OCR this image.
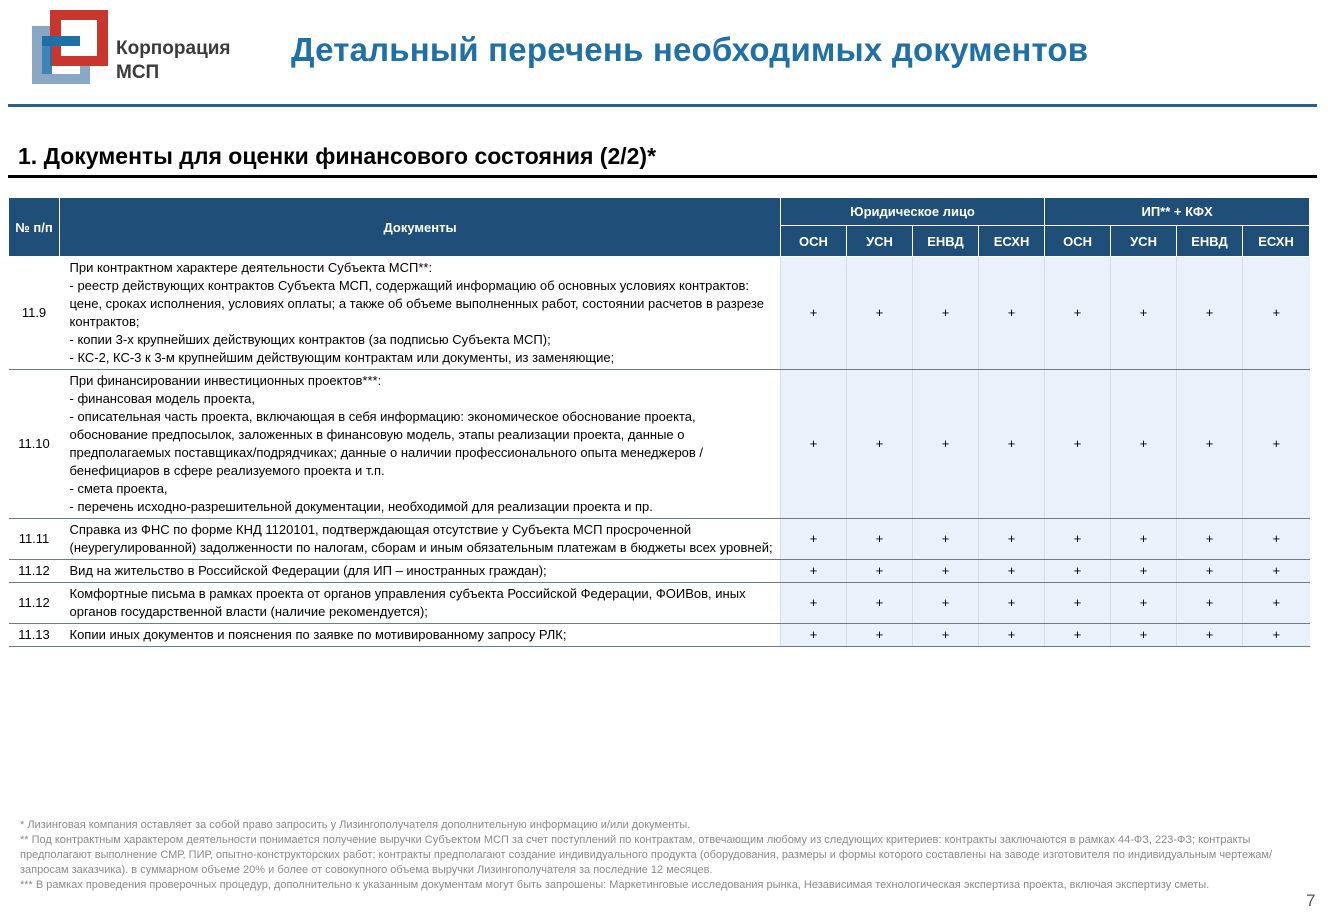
Корпорация
МСП
Детальный перечень необходимых документов
1. Документы для оценки финансового состояния (2/2)*
№ п/п	Документы	Юридическое лицо				ИП** + КФХ			
		ОСН	УСН	ЕНВД	ЕСХН	ОСН	УСН	ЕНВД	ЕСХН
11.9	При контрактном характере деятельности Субъекта МСП**:
- реестр действующих контрактов Субъекта МСП, содержащий информацию об основных условиях контрактов: цене, сроках исполнения, условиях оплаты; а также об объеме выполненных работ, состоянии расчетов в разрезе контрактов;
- копии 3-х крупнейших действующих контрактов (за подписью Субъекта МСП);
- КС-2, КС-3 к 3-м крупнейшим действующим контрактам или документы, из заменяющие;	+	+	+	+	+	+	+	+
11.10	При финансировании инвестиционных проектов***:
- финансовая модель проекта,
- описательная часть проекта, включающая в себя информацию: экономическое обоснование проекта, обоснование предпосылок, заложенных в финансовую модель, этапы реализации проекта, данные о предполагаемых поставщиках/подрядчиках; данные о наличии профессионального опыта менеджеров /бенефициаров в сфере реализуемого проекта и т.п.
- смета проекта,
- перечень исходно-разрешительной документации, необходимой для реализации проекта и пр.	+	+	+	+	+	+	+	+
11.11	Справка из ФНС по форме КНД 1120101, подтверждающая отсутствие у Субъекта МСП просроченной (неурегулированной) задолженности по налогам, сборам и иным обязательным платежам в бюджеты всех уровней;	+	+	+	+	+	+	+	+
11.12	Вид на жительство в Российской Федерации (для ИП – иностранных граждан);	+	+	+	+	+	+	+	+
11.12	Комфортные письма в рамках проекта от органов управления субъекта Российской Федерации, ФОИВов, иных органов государственной власти (наличие рекомендуется);	+	+	+	+	+	+	+	+
11.13	Копии иных документов и пояснения по заявке по мотивированному запросу РЛК;	+	+	+	+	+	+	+	+
* Лизинговая компания оставляет за собой право запросить у Лизингополучателя дополнительную информацию и/или документы.
** Под контрактным характером деятельности понимается получение выручки Субъектом МСП за счет поступлений по контрактам, отвечающим любому из следующих критериев: контракты заключаются в рамках 44-ФЗ, 223-ФЗ; контракты предполагают выполнение СМР, ПИР, опытно-конструкторских работ; контракты предполагают создание индивидуального продукта (оборудования, размеры и формы которого составлены на заводе изготовителя по индивидуальным чертежам/ запросам заказчика). в суммарном объеме 20% и более от совокупного объема выручки Лизингополучателя за последние 12 месяцев.
*** В рамках проведения проверочных процедур, дополнительно к указанным документам могут быть запрошены: Маркетинговые исследования рынка, Независимая технологическая экспертиза проекта, включая экспертизу сметы.
7
